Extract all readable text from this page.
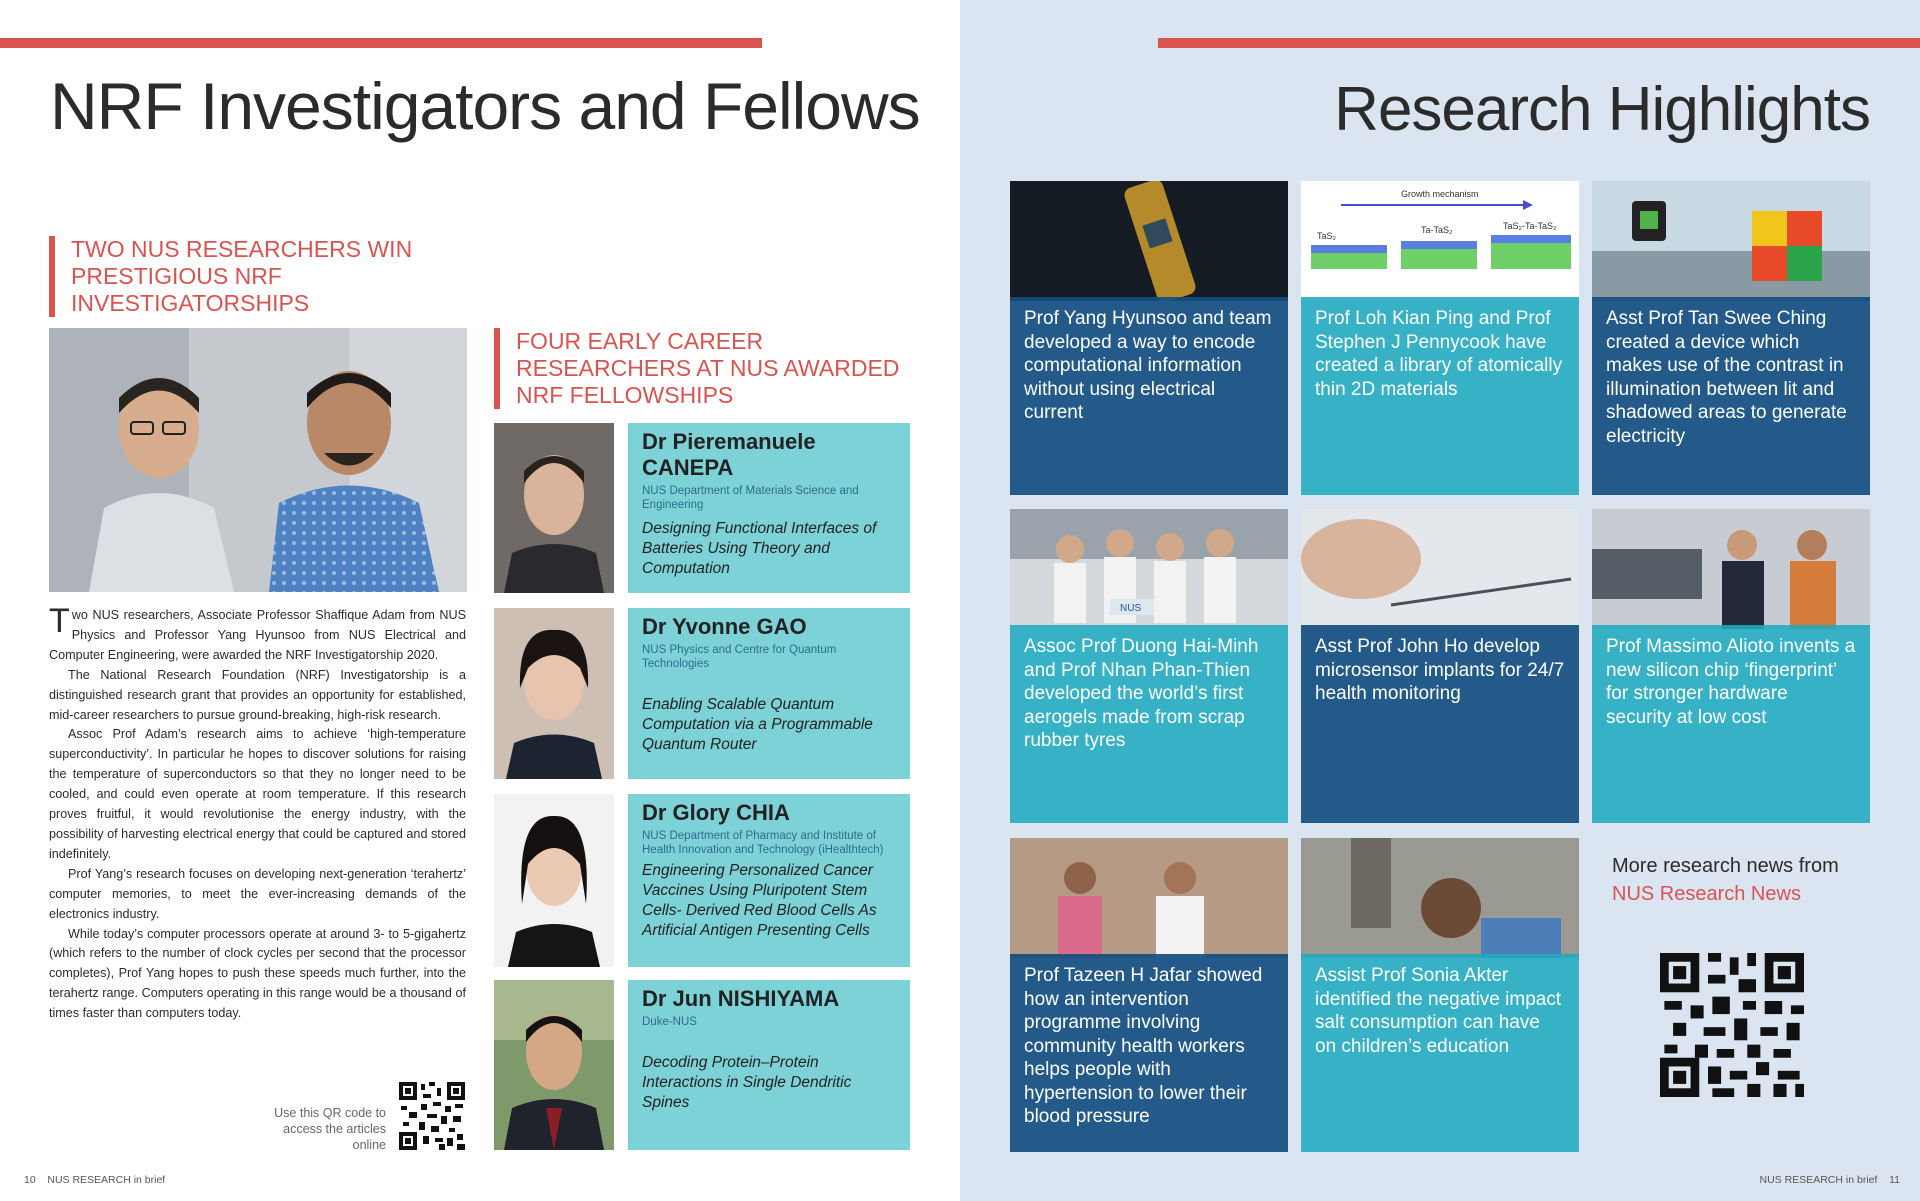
NRF Investigators and Fellows	Research Highlights
TWO NUS RESEARCHERS WIN PRESTIGIOUS NRF INVESTIGATORSHIPS

Two NUS researchers, Associate Professor Shaffique Adam from NUS Physics and Professor Yang Hyunsoo from NUS Electrical and Computer Engineering, were awarded the NRF Investigatorship 2020.

The National Research Foundation (NRF) Investigatorship is a distinguished research grant that provides an opportunity for established, mid-career researchers to pursue ground-breaking, high-risk research.

Assoc Prof Adam’s research aims to achieve ‘high-temperature superconductivity’. In particular he hopes to discover solutions for raising the temperature of superconductors so that they no longer need to be cooled, and could even operate at room temperature. If this research proves fruitful, it would revolutionise the energy industry, with the possibility of harvesting electrical energy that could be captured and stored indefinitely.

Prof Yang’s research focuses on developing next-generation ‘terahertz’ computer memories, to meet the ever-increasing demands of the electronics industry.

While today’s computer processors operate at around 3- to 5-gigahertz (which refers to the number of clock cycles per second that the processor completes), Prof Yang hopes to push these speeds much further, into the terahertz range. Computers operating in this range would be a thousand of times faster than computers today.

Use this QR code to access the articles online
10 NUS RESEARCH in brief
FOUR EARLY CAREER RESEARCHERS AT NUS AWARDED NRF FELLOWSHIPS
Dr Pieremanuele CANEPA
NUS Department of Materials Science and Engineering
Designing Functional Interfaces of Batteries Using Theory and Computation
Dr Yvonne GAO
NUS Physics and Centre for Quantum Technologies
Enabling Scalable Quantum Computation via a Programmable Quantum Router
Dr Glory CHIA
NUS Department of Pharmacy and Institute of Health Innovation and Technology (iHealthtech)
Engineering Personalized Cancer Vaccines Using Pluripotent Stem Cells- Derived Red Blood Cells As Artificial Antigen Presenting Cells
Dr Jun NISHIYAMA
Duke-NUS
Decoding Protein–Protein Interactions in Single Dendritic Spines
Prof Yang Hyunsoo and team developed a way to encode computational information without using electrical current
Growth mechanism
TaS₂
Ta-TaS₂	TaS₂-Ta-TaS₂
Prof Loh Kian Ping and Prof Stephen J Pennycook have created a library of atomically thin 2D materials
Asst Prof Tan Swee Ching created a device which makes use of the contrast in illumination between lit and shadowed areas to generate electricity
NUS
Assoc Prof Duong Hai-Minh and Prof Nhan Phan-Thien developed the world’s first aerogels made from scrap rubber tyres
Asst Prof John Ho develop microsensor implants for 24/7 health monitoring
Prof Massimo Alioto invents a new silicon chip ‘fingerprint’ for stronger hardware security at low cost
Prof Tazeen H Jafar showed how an intervention programme involving community health workers helps people with hypertension to lower their blood pressure
Assist Prof Sonia Akter identified the negative impact salt consumption can have on children’s education
More research news from
NUS Research News
NUS RESEARCH in brief 11
